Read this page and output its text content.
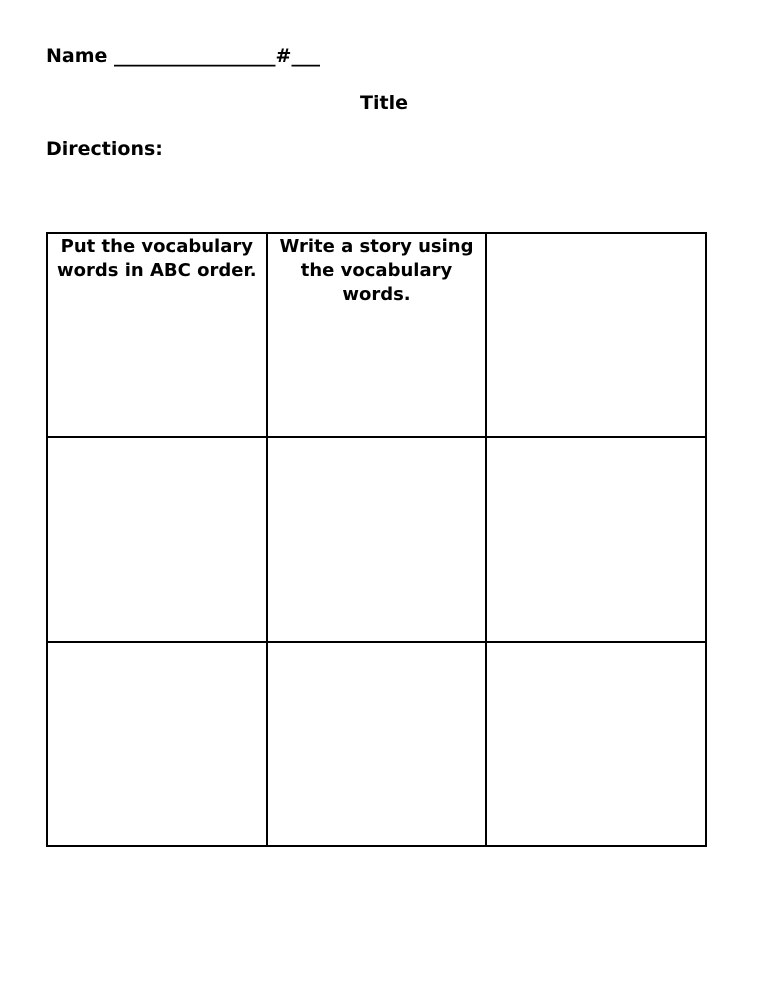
Name _________________#___
Title
Directions:
Put the vocabulary words in ABC order.	Write a story using the vocabulary words.	
